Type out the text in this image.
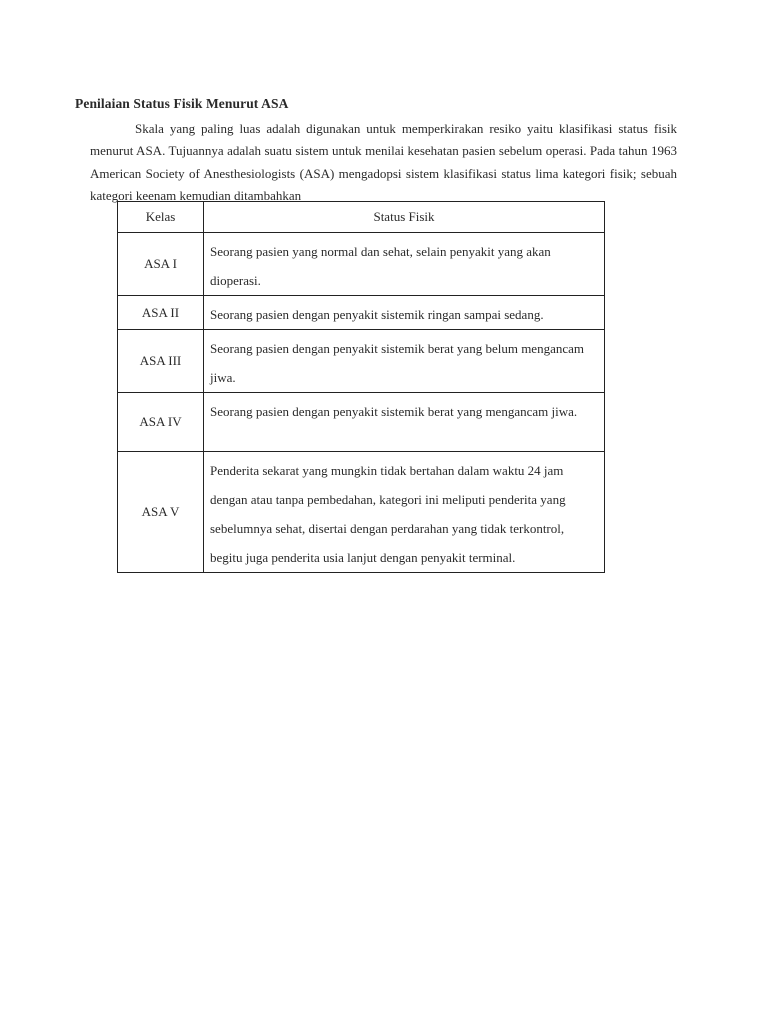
Penilaian Status Fisik Menurut ASA

Skala yang paling luas adalah digunakan untuk memperkirakan resiko yaitu klasifikasi status fisik menurut ASA. Tujuannya adalah suatu sistem untuk menilai kesehatan pasien sebelum operasi. Pada tahun 1963 American Society of Anesthesiologists (ASA) mengadopsi sistem klasifikasi status lima kategori fisik; sebuah kategori keenam kemudian ditambahkan

Kelas	Status Fisik
ASA I	Seorang pasien yang normal dan sehat, selain penyakit yang akan dioperasi.
ASA II	Seorang pasien dengan penyakit sistemik ringan sampai sedang.
ASA III	Seorang pasien dengan penyakit sistemik berat yang belum mengancam jiwa.
ASA IV	Seorang pasien dengan penyakit sistemik berat yang mengancam jiwa.
ASA V	Penderita sekarat yang mungkin tidak bertahan dalam waktu 24 jam dengan atau tanpa pembedahan, kategori ini meliputi penderita yang sebelumnya sehat, disertai dengan perdarahan yang tidak terkontrol, begitu juga penderita usia lanjut dengan penyakit terminal.
